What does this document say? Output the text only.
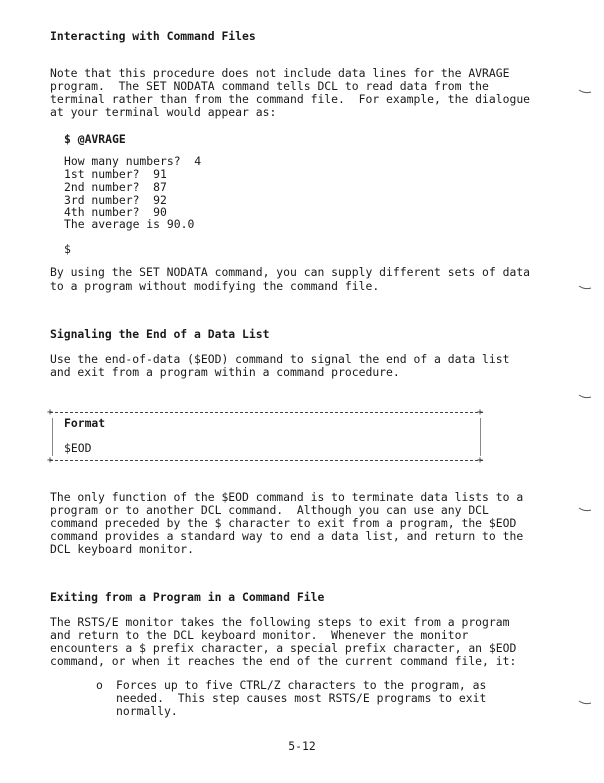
Interacting with Command Files
Note that this procedure does not include data lines for the AVRAGE
program.  The SET NODATA command tells DCL to read data from the
terminal rather than from the command file.  For example, the dialogue
at your terminal would appear as:
$ @AVRAGE
How many numbers?  4
1st number?  91
2nd number?  87
3rd number?  92
4th number?  90
The average is 90.0
$
By using the SET NODATA command, you can supply different sets of data
to a program without modifying the command file.
Signaling the End of a Data List
Use the end-of-data ($EOD) command to signal the end of a data list
and exit from a program within a command procedure.
+	+
+	+
Format
$EOD
The only function of the $EOD command is to terminate data lists to a
program or to another DCL command.  Although you can use any DCL
command preceded by the $ character to exit from a program, the $EOD
command provides a standard way to end a data list, and return to the
DCL keyboard monitor.
Exiting from a Program in a Command File
The RSTS/E monitor takes the following steps to exit from a program
and return to the DCL keyboard monitor.  Whenever the monitor
encounters a $ prefix character, a special prefix character, an $EOD
command, or when it reaches the end of the current command file, it:
o Forces up to five CTRL/Z characters to the program, as
needed.  This step causes most RSTS/E programs to exit
normally.
5-12
